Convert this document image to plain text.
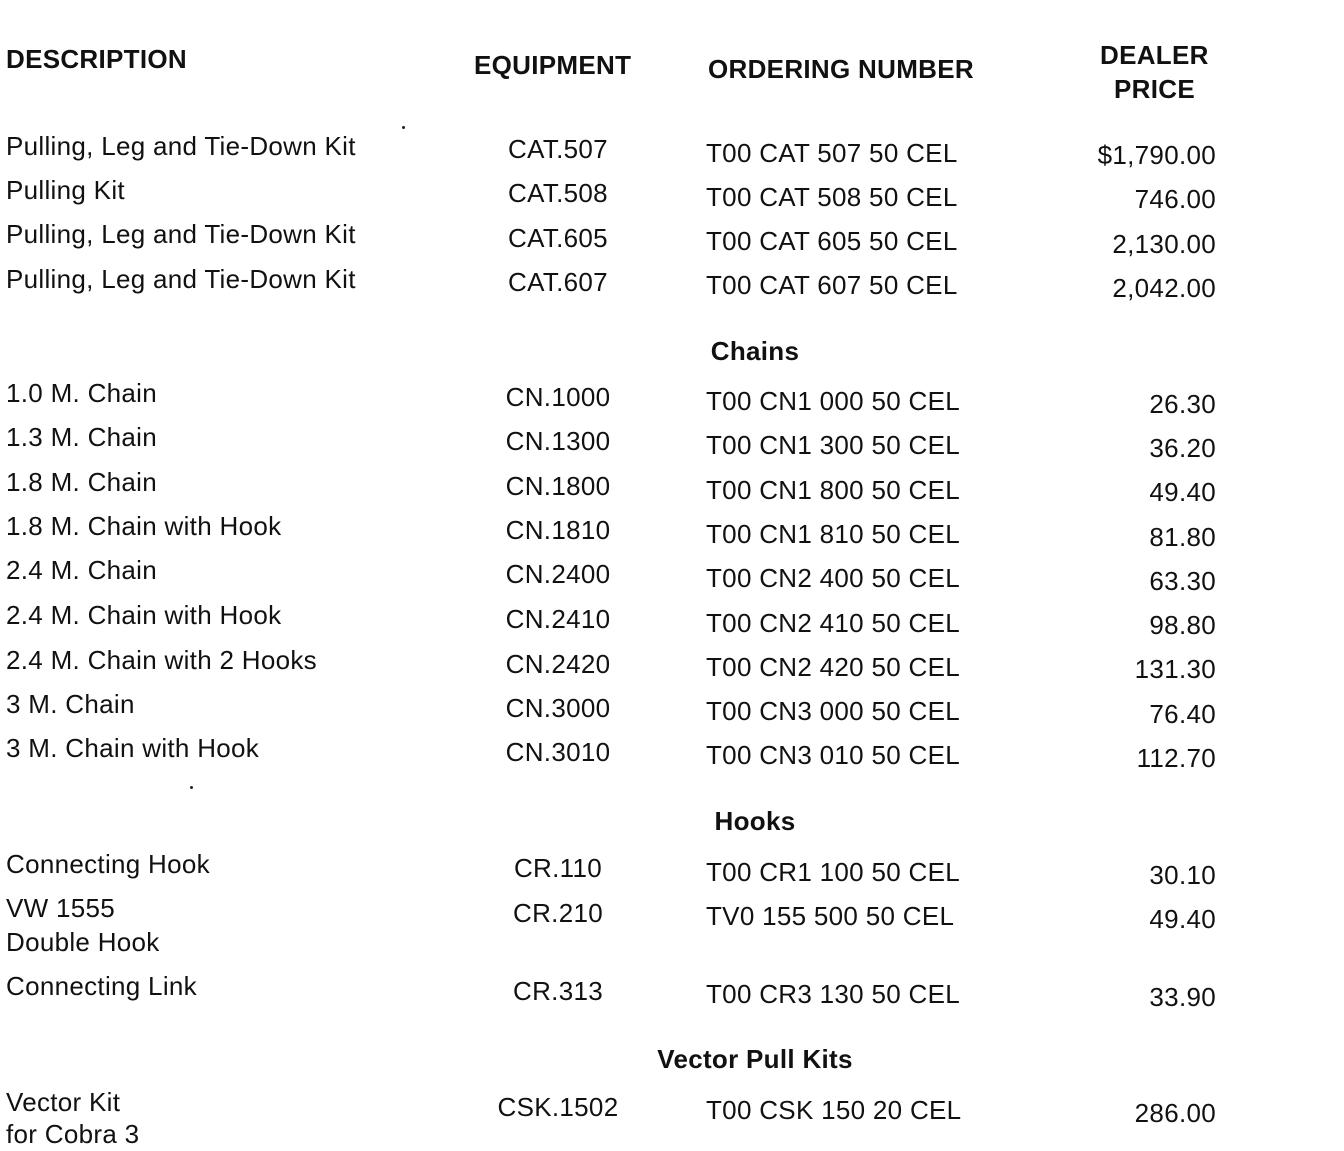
DESCRIPTION	EQUIPMENT	ORDERING NUMBER	DEALER
PRICE
Pulling, Leg and Tie-Down Kit	CAT.507	T00 CAT 507 50 CEL	$1,790.00
Pulling Kit	CAT.508	T00 CAT 508 50 CEL	746.00
Pulling, Leg and Tie-Down Kit	CAT.605	T00 CAT 605 50 CEL	2,130.00
Pulling, Leg and Tie-Down Kit	CAT.607	T00 CAT 607 50 CEL	2,042.00
Chains
1.0 M. Chain	CN.1000	T00 CN1 000 50 CEL	26.30
1.3 M. Chain	CN.1300	T00 CN1 300 50 CEL	36.20
1.8 M. Chain	CN.1800	T00 CN1 800 50 CEL	49.40
1.8 M. Chain with Hook	CN.1810	T00 CN1 810 50 CEL	81.80
2.4 M. Chain	CN.2400	T00 CN2 400 50 CEL	63.30
2.4 M. Chain with Hook	CN.2410	T00 CN2 410 50 CEL	98.80
2.4 M. Chain with 2 Hooks	CN.2420	T00 CN2 420 50 CEL	131.30
3 M. Chain	CN.3000	T00 CN3 000 50 CEL	76.40
3 M. Chain with Hook	CN.3010	T00 CN3 010 50 CEL	112.70
Hooks
Connecting Hook	CR.110	T00 CR1 100 50 CEL	30.10
VW 1555
Double Hook
CR.210	TV0 155 500 50 CEL	49.40
Connecting Link	CR.313	T00 CR3 130 50 CEL	33.90
Vector Pull Kits
Vector Kit
for Cobra 3
CSK.1502	T00 CSK 150 20 CEL	286.00
